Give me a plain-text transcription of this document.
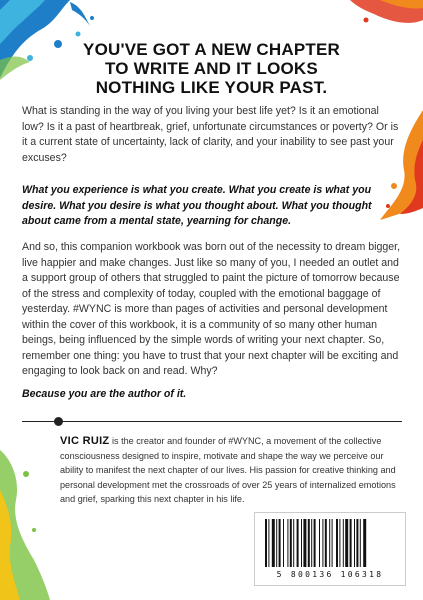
YOU'VE GOT A NEW CHAPTER TO WRITE AND IT LOOKS NOTHING LIKE YOUR PAST.

What is standing in the way of you living your best life yet? Is it an emotional low? Is it a past of heartbreak, grief, unfortunate circumstances or poverty? Or is it a current state of uncertainty, lack of clarity, and your inability to see past your excuses?

What you experience is what you create. What you create is what you desire. What you desire is what you thought about. What you thought about came from a mental state, yearning for change.

And so, this companion workbook was born out of the necessity to dream bigger, live happier and make changes. Just like so many of you, I needed an outlet and a support group of others that struggled to paint the picture of tomorrow because of the stress and complexity of today, coupled with the emotional baggage of yesterday. #WYNC is more than pages of activities and personal development within the cover of this workbook, it is a community of so many other human beings, being influenced by the simple words of writing your next chapter. So, remember one thing: you have to trust that your next chapter will be exciting and engaging to look back on and read. Why?

Because you are the author of it.

VIC RUIZ is the creator and founder of #WYNC, a movement of the collective consciousness designed to inspire, motivate and shape the way we perceive our ability to manifest the next chapter of our lives. His passion for creative thinking and personal development met the crossroads of over 25 years of internalized emotions and grief, sparking this next chapter in his life.

5 800136 106318
